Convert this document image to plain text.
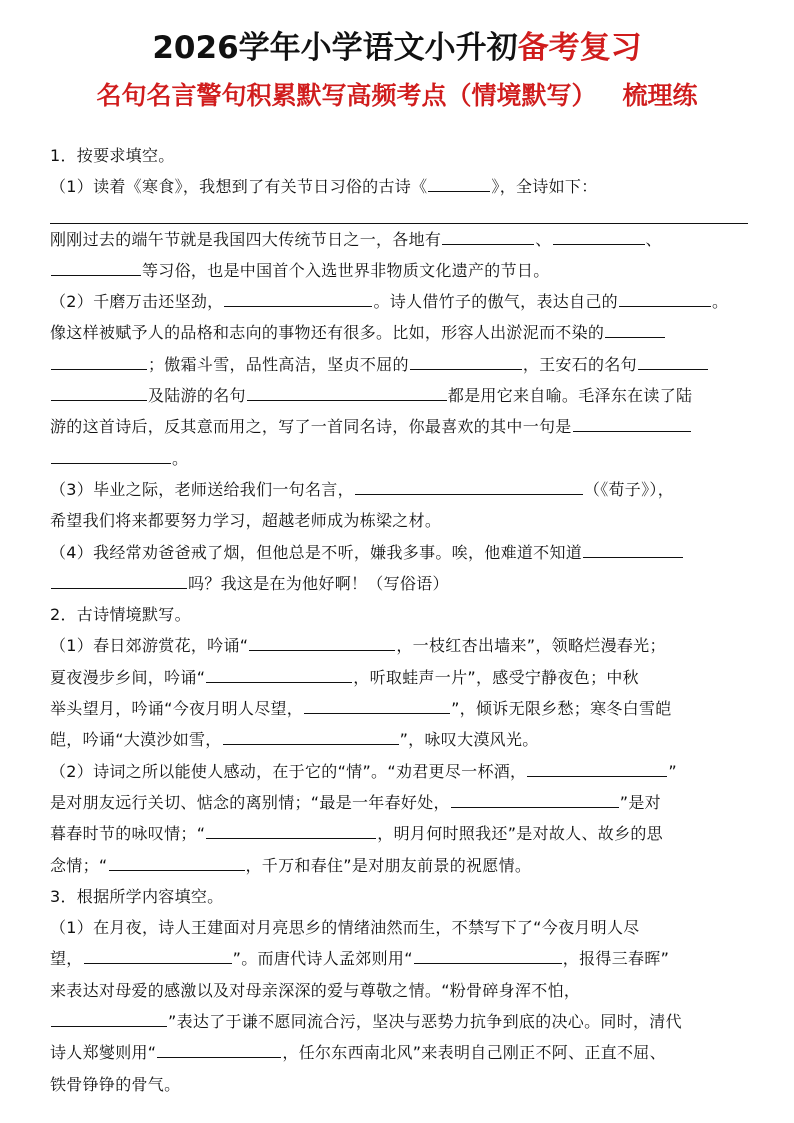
2026学年小学语文小升初备考复习
名句名言警句积累默写高频考点（情境默写）   梳理练
1．按要求填空。
（1）读着《寒食》，我想到了有关节日习俗的古诗《	》，全诗如下：
刚刚过去的端午节就是我国四大传统节日之一，各地有	、	、
等习俗，也是中国首个入选世界非物质文化遗产的节日。
（2）千磨万击还坚劲，	。诗人借竹子的傲气，表达自己的	。
像这样被赋予人的品格和志向的事物还有很多。比如，形容人出淤泥而不染的
；傲霜斗雪，品性高洁，坚贞不屈的	，王安石的名句
及陆游的名句	都是用它来自喻。毛泽东在读了陆
游的这首诗后，反其意而用之，写了一首同名诗，你最喜欢的其中一句是
。
（3）毕业之际，老师送给我们一句名言，	（《荀子》），
希望我们将来都要努力学习，超越老师成为栋梁之材。
（4）我经常劝爸爸戒了烟，但他总是不听，嫌我多事。唉，他难道不知道
吗？我这是在为他好啊！（写俗语）
2．古诗情境默写。
（1）春日郊游赏花，吟诵“	，一枝红杏出墙来”，领略烂漫春光；
夏夜漫步乡间，吟诵“	，听取蛙声一片”，感受宁静夜色；中秋
举头望月，吟诵“今夜月明人尽望，	”，倾诉无限乡愁；寒冬白雪皑
皑，吟诵“大漠沙如雪，	”，咏叹大漠风光。
（2）诗词之所以能使人感动，在于它的“情”。“劝君更尽一杯酒，	”
是对朋友远行关切、惦念的离别情；“最是一年春好处，	”是对
暮春时节的咏叹情；“	，明月何时照我还”是对故人、故乡的思
念情；“	，千万和春住”是对朋友前景的祝愿情。
3．根据所学内容填空。
（1）在月夜，诗人王建面对月亮思乡的情绪油然而生，不禁写下了“今夜月明人尽
望，	”。而唐代诗人孟郊则用“	，报得三春晖”
来表达对母爱的感激以及对母亲深深的爱与尊敬之情。“粉骨碎身浑不怕，
”表达了于谦不愿同流合污，坚决与恶势力抗争到底的决心。同时，清代
诗人郑燮则用“	，任尔东西南北风”来表明自己刚正不阿、正直不屈、
铁骨铮铮的骨气。
